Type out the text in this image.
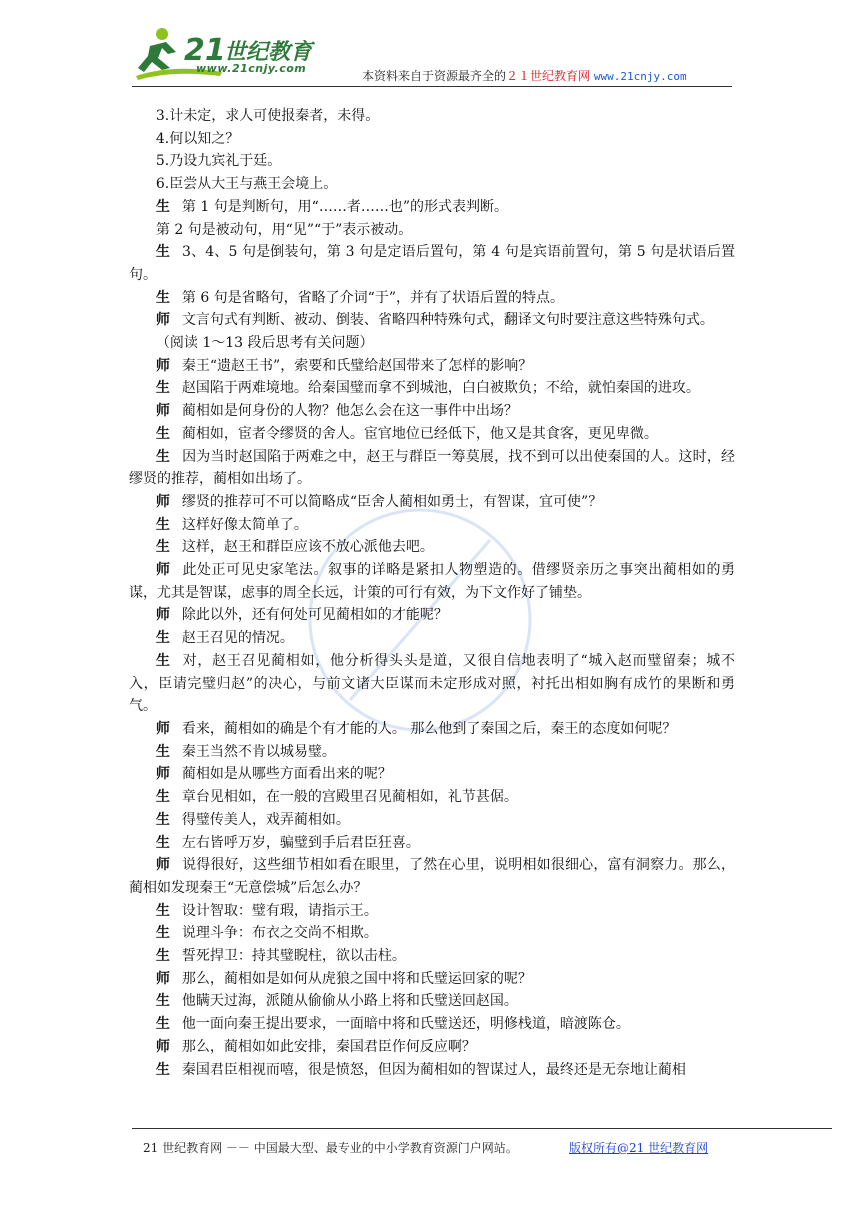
21
世纪教育
www.21cnjy.com
本资料来自于资源最齐全的２１世纪教育网 www.21cnjy.com

3.计未定，求人可使报秦者，未得。

4.何以知之？

5.乃设九宾礼于廷。

6.臣尝从大王与燕王会境上。

生 第 1 句是判断句，用“……者……也”的形式表判断。

第 2 句是被动句，用“见”“于”表示被动。

生 3、4、5 句是倒装句，第 3 句是定语后置句，第 4 句是宾语前置句，第 5 句是状语后置句。

生 第 6 句是省略句，省略了介词“于”，并有了状语后置的特点。

师 文言句式有判断、被动、倒装、省略四种特殊句式，翻译文句时要注意这些特殊句式。

（阅读 1～13 段后思考有关问题）

师 秦王“遗赵王书”，索要和氏璧给赵国带来了怎样的影响？

生 赵国陷于两难境地。给秦国璧而拿不到城池，白白被欺负；不给，就怕秦国的进攻。

师 蔺相如是何身份的人物？他怎么会在这一事件中出场？

生 蔺相如，宦者令缪贤的舍人。宦官地位已经低下，他又是其食客，更见卑微。

生 因为当时赵国陷于两难之中，赵王与群臣一筹莫展，找不到可以出使秦国的人。这时，经缪贤的推荐，蔺相如出场了。

师 缪贤的推荐可不可以简略成“臣舍人蔺相如勇士，有智谋，宜可使”？

生 这样好像太简单了。

生 这样，赵王和群臣应该不放心派他去吧。

师 此处正可见史家笔法。叙事的详略是紧扣人物塑造的。借缪贤亲历之事突出蔺相如的勇谋，尤其是智谋，虑事的周全长远，计策的可行有效，为下文作好了铺垫。

师 除此以外，还有何处可见蔺相如的才能呢？

生 赵王召见的情况。

生 对，赵王召见蔺相如，他分析得头头是道，又很自信地表明了“城入赵而璧留秦；城不入，臣请完璧归赵”的决心，与前文诸大臣谋而未定形成对照，衬托出相如胸有成竹的果断和勇气。

师 看来，蔺相如的确是个有才能的人。 那么他到了秦国之后，秦王的态度如何呢？

生 秦王当然不肯以城易璧。

师 蔺相如是从哪些方面看出来的呢？

生 章台见相如，在一般的宫殿里召见蔺相如，礼节甚倨。

生 得璧传美人，戏弄蔺相如。

生 左右皆呼万岁，骗璧到手后君臣狂喜。

师 说得很好，这些细节相如看在眼里，了然在心里，说明相如很细心，富有洞察力。那么，蔺相如发现秦王“无意偿城”后怎么办？

生 设计智取：璧有瑕，请指示王。

生 说理斗争：布衣之交尚不相欺。

生 誓死捍卫：持其璧睨柱，欲以击柱。

师 那么，蔺相如是如何从虎狼之国中将和氏璧运回家的呢？

生 他瞒天过海，派随从偷偷从小路上将和氏璧送回赵国。

生 他一面向秦王提出要求，一面暗中将和氏璧送还，明修栈道，暗渡陈仓。

师 那么，蔺相如如此安排，秦国君臣作何反应啊？

生 秦国君臣相视而嘻，很是愤怒，但因为蔺相如的智谋过人，最终还是无奈地让蔺相

21 世纪教育网 －－ 中国最大型、最专业的中小学教育资源门户网站。	版权所有@21 世纪教育网
